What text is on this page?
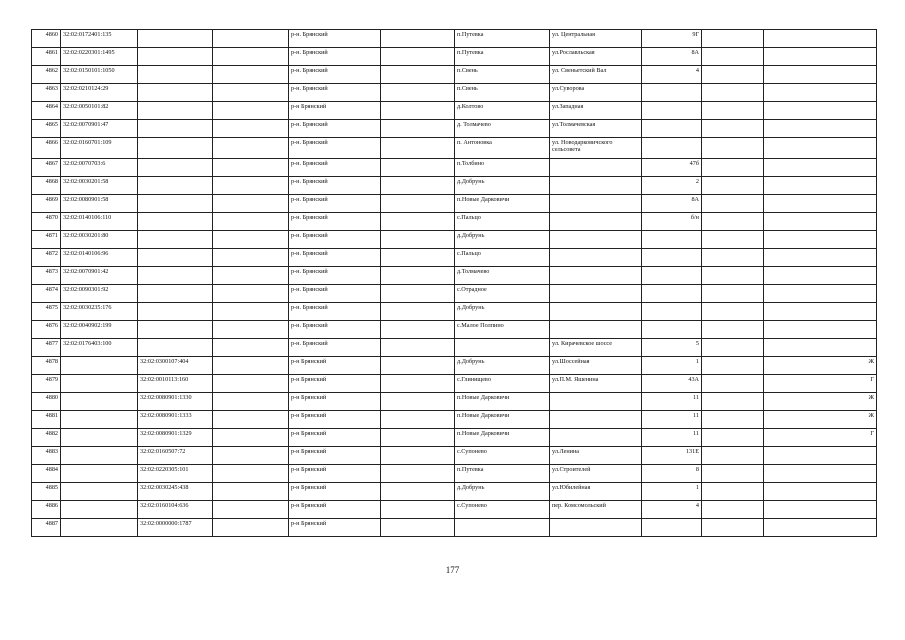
4860	32:02:0172401:135			р-н. Брянский		п.Путевка	ул. Центральная	9Г		
4861	32:02:0220301:1495			р-н. Брянский		п.Путевка	ул.Рославльская	8А		
4862	32:02:0150101:1050			р-н. Брянский		п.Свень	ул. Свеньетский Вал	4		
4863	32:02:0210124:29			р-н. Брянский		п.Свень	ул.Суворова			
4864	32:02:0050101:82			р-н Брянский		д.Колтово	ул.Западная			
4865	32:02:0070901:47			р-н. Брянский		д. Толмачево	ул.Толмачевская			
4866	32:02:0160701:109			р-н. Брянский		п. Антоновка	ул. Новодарковичского сельсовета			
4867	32:02:0070703:6			р-н. Брянский		п.Толбино		47б		
4868	32:02:0030201:58			р-н. Брянский		д.Добрунь		2		
4869	32:02:0080901:58			р-н. Брянский		п.Новые Дарковичи		8А		
4870	32:02:0140106:110			р-н. Брянский		с.Пальцо		б/н		
4871	32:02:0030201:80			р-н. Брянский		д.Добрунь				
4872	32:02:0140106:96			р-н. Брянский		с.Пальцо				
4873	32:02:0070901:42			р-н. Брянский		д.Толмачево				
4874	32:02:0090301:92			р-н. Брянский		с.Отрадное				
4875	32:02:0030235:176			р-н. Брянский		д.Добрунь				
4876	32:02:0040902:199			р-н. Брянский		с.Малое Полпино				
4877	32:02:0176403:100			р-н. Брянский			ул. Кирачевское шоссе	5		
4878		32:02:0300107:404		р-н Брянский		д.Добрунь	ул.Шоссейная	1		Ж
4879		32:02:0010113:160		р-н Брянский		с.Глинищево	ул.П.М. Яшенина	43А		Г
4880		32:02:0080901:1330		р-н Брянский		п.Новые Дарковичи		11		Ж
4881		32:02:0080901:1333		р-н Брянский		п.Новые Дарковичи		11		Ж
4882		32:02:0080901:1329		р-н Брянский		п.Новые Дарковичи		11		Г
4883		32:02:0160507:72		р-н Брянский		с.Супонево	ул.Ленина	131Е		
4884		32:02:0220305:101		р-н Брянский		п.Путевка	ул.Строителей	8		
4885		32:02:0030245:438		р-н Брянский		д.Добрунь	ул.Юбилейная	1		
4886		32:02:0160104:636		р-н Брянский		с.Супонево	пер. Комсомольский	4		
4887		32:02:0000000:1787		р-н Брянский						
177
